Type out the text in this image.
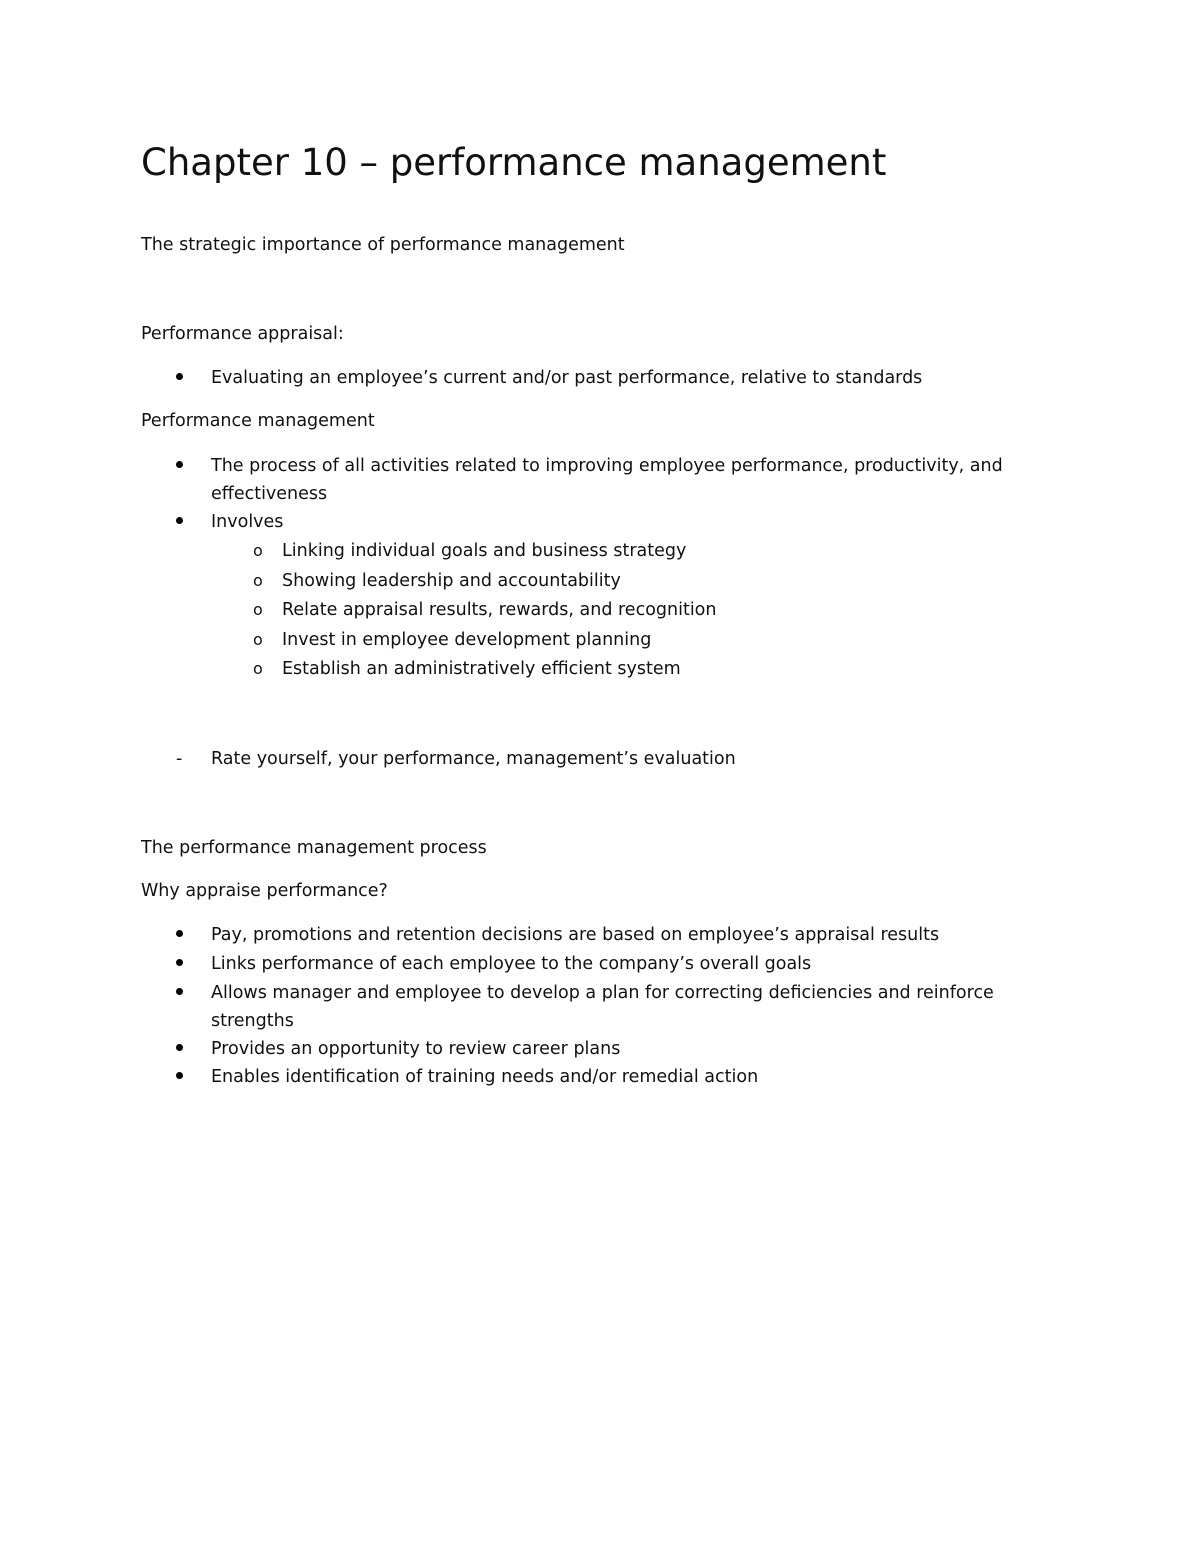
Chapter 10 – performance management

The strategic importance of performance management

Performance appraisal:

Evaluating an employee’s current and/or past performance, relative to standards

Performance management

The process of all activities related to improving employee performance, productivity, and

effectiveness

Involves

o Linking individual goals and business strategy

o Showing leadership and accountability

o Relate appraisal results, rewards, and recognition

o Invest in employee development planning

o Establish an administratively efficient system

- Rate yourself, your performance, management’s evaluation

The performance management process

Why appraise performance?

Pay, promotions and retention decisions are based on employee’s appraisal results

Links performance of each employee to the company’s overall goals

Allows manager and employee to develop a plan for correcting deficiencies and reinforce

strengths

Provides an opportunity to review career plans

Enables identification of training needs and/or remedial action
